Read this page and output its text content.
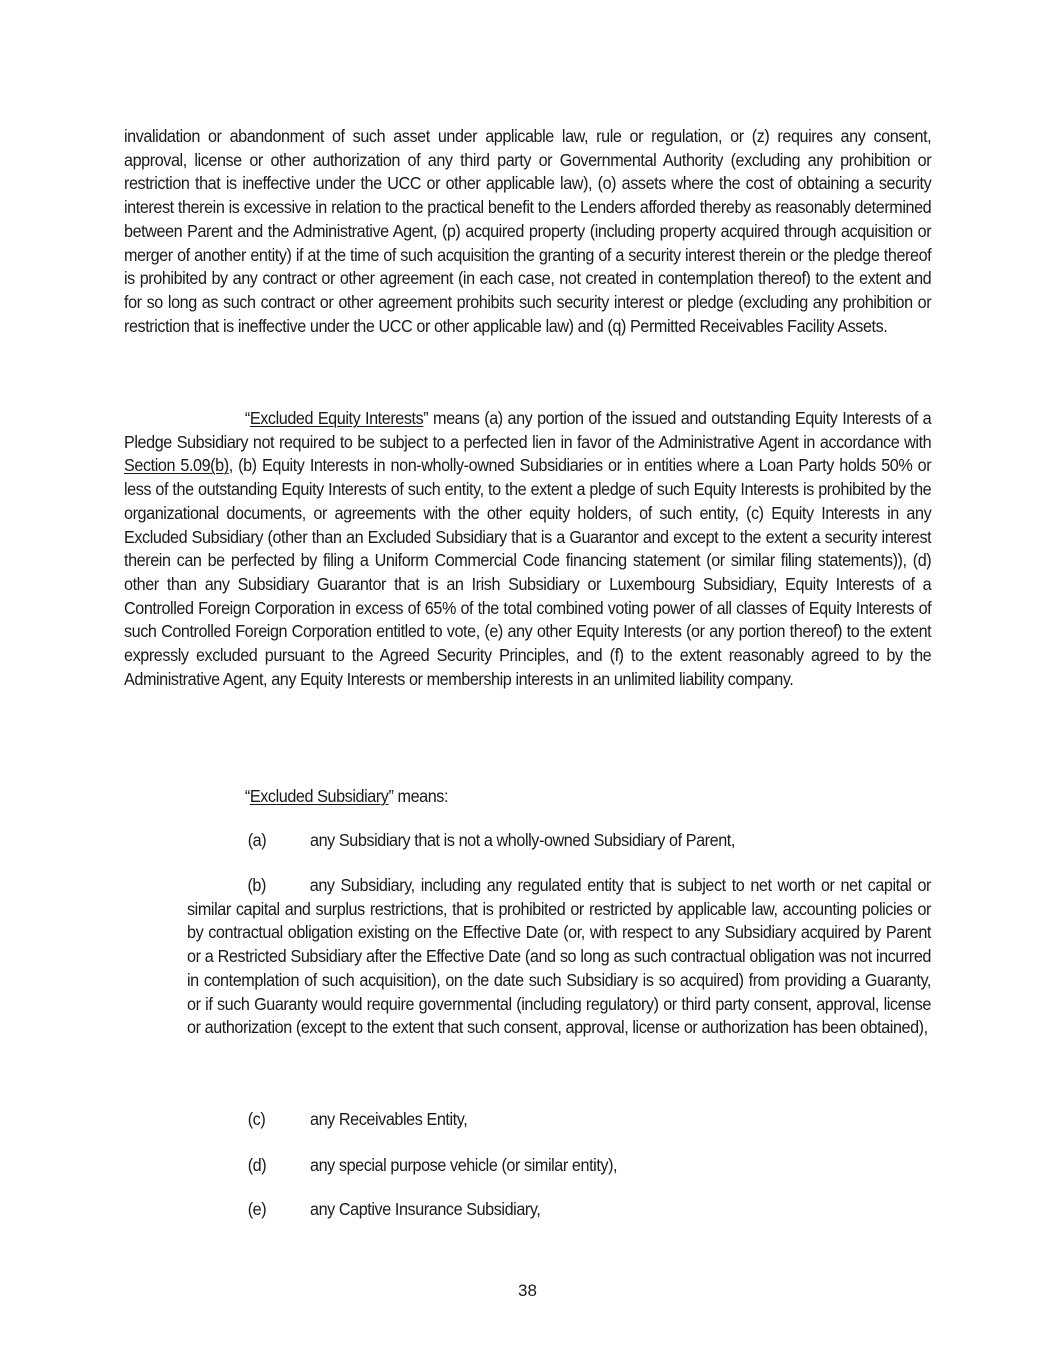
invalidation or abandonment of such asset under applicable law, rule or regulation, or (z) requires any consent, approval, license or other authorization of any third party or Governmental Authority (excluding any prohibition or restriction that is ineffective under the UCC or other applicable law), (o) assets where the cost of obtaining a security interest therein is excessive in relation to the practical benefit to the Lenders afforded thereby as reasonably determined between Parent and the Administrative Agent, (p) acquired property (including property acquired through acquisition or merger of another entity) if at the time of such acquisition the granting of a security interest therein or the pledge thereof is prohibited by any contract or other agreement (in each case, not created in contemplation thereof) to the extent and for so long as such contract or other agreement prohibits such security interest or pledge (excluding any prohibition or restriction that is ineffective under the UCC or other applicable law) and (q) Permitted Receivables Facility Assets.
“Excluded Equity Interests” means (a) any portion of the issued and outstanding Equity Interests of a Pledge Subsidiary not required to be subject to a perfected lien in favor of the Administrative Agent in accordance with Section 5.09(b), (b) Equity Interests in non-wholly-owned Subsidiaries or in entities where a Loan Party holds 50% or less of the outstanding Equity Interests of such entity, to the extent a pledge of such Equity Interests is prohibited by the organizational documents, or agreements with the other equity holders, of such entity, (c) Equity Interests in any Excluded Subsidiary (other than an Excluded Subsidiary that is a Guarantor and except to the extent a security interest therein can be perfected by filing a Uniform Commercial Code financing statement (or similar filing statements)), (d) other than any Subsidiary Guarantor that is an Irish Subsidiary or Luxembourg Subsidiary, Equity Interests of a Controlled Foreign Corporation in excess of 65% of the total combined voting power of all classes of Equity Interests of such Controlled Foreign Corporation entitled to vote, (e) any other Equity Interests (or any portion thereof) to the extent expressly excluded pursuant to the Agreed Security Principles, and (f) to the extent reasonably agreed to by the Administrative Agent, any Equity Interests or membership interests in an unlimited liability company.
“Excluded Subsidiary” means:
(a)	any Subsidiary that is not a wholly-owned Subsidiary of Parent,
(b)	any Subsidiary, including any regulated entity that is subject to net worth or net capital or similar capital and surplus restrictions, that is prohibited or restricted by applicable law, accounting policies or by contractual obligation existing on the Effective Date (or, with respect to any Subsidiary acquired by Parent or a Restricted Subsidiary after the Effective Date (and so long as such contractual obligation was not incurred in contemplation of such acquisition), on the date such Subsidiary is so acquired) from providing a Guaranty, or if such Guaranty would require governmental (including regulatory) or third party consent, approval, license or authorization (except to the extent that such consent, approval, license or authorization has been obtained),
(c)	any Receivables Entity,
(d)	any special purpose vehicle (or similar entity),
(e)	any Captive Insurance Subsidiary,
38
